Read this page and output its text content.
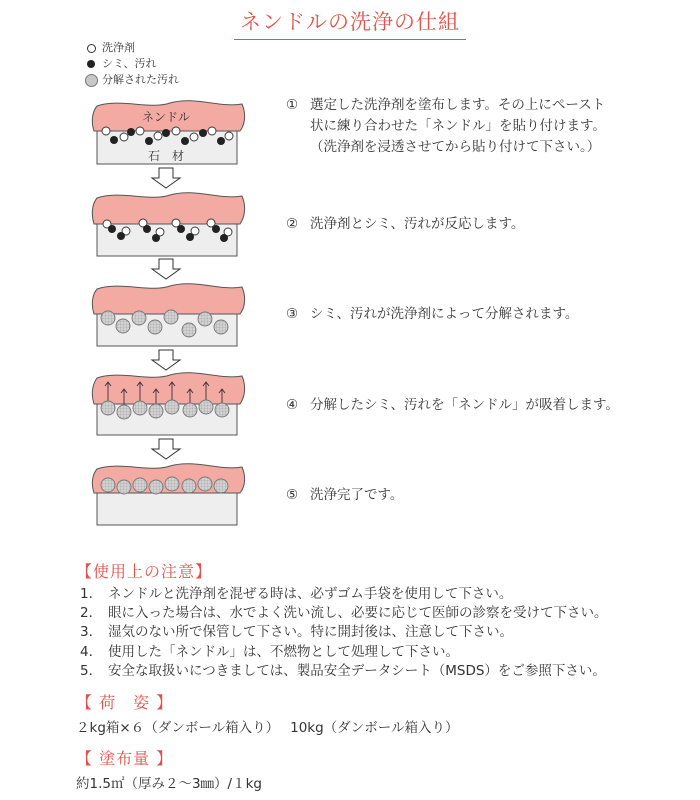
ネンドルの洗浄の仕組
洗浄剤
シミ、汚れ
分解された汚れ
ネンドル
石　材
① 選定した洗浄剤を塗布します。その上にペースト
状に練り合わせた「ネンドル」を貼り付けます。
（洗浄剤を浸透させてから貼り付けて下さい。）
② 洗浄剤とシミ、汚れが反応します。
③ シミ、汚れが洗浄剤によって分解されます。
④ 分解したシミ、汚れを「ネンドル」が吸着します。
⑤ 洗浄完了です。
【使用上の注意】
1． ネンドルと洗浄剤を混ぜる時は、必ずゴム手袋を使用して下さい。
2． 眼に入った場合は、水でよく洗い流し、必要に応じて医師の診察を受けて下さい。
3． 湿気のない所で保管して下さい。特に開封後は、注意して下さい。
4． 使用した「ネンドル」は、不燃物として処理して下さい。
5． 安全な取扱いにつきましては、製品安全データシート（MSDS）をご参照下さい。
【 荷　姿 】
２kg箱×６（ダンボール箱入り）　 10kg（ダンボール箱入り）
【 塗布量 】
約1.5㎡（厚み２～3㎜）/１kg
